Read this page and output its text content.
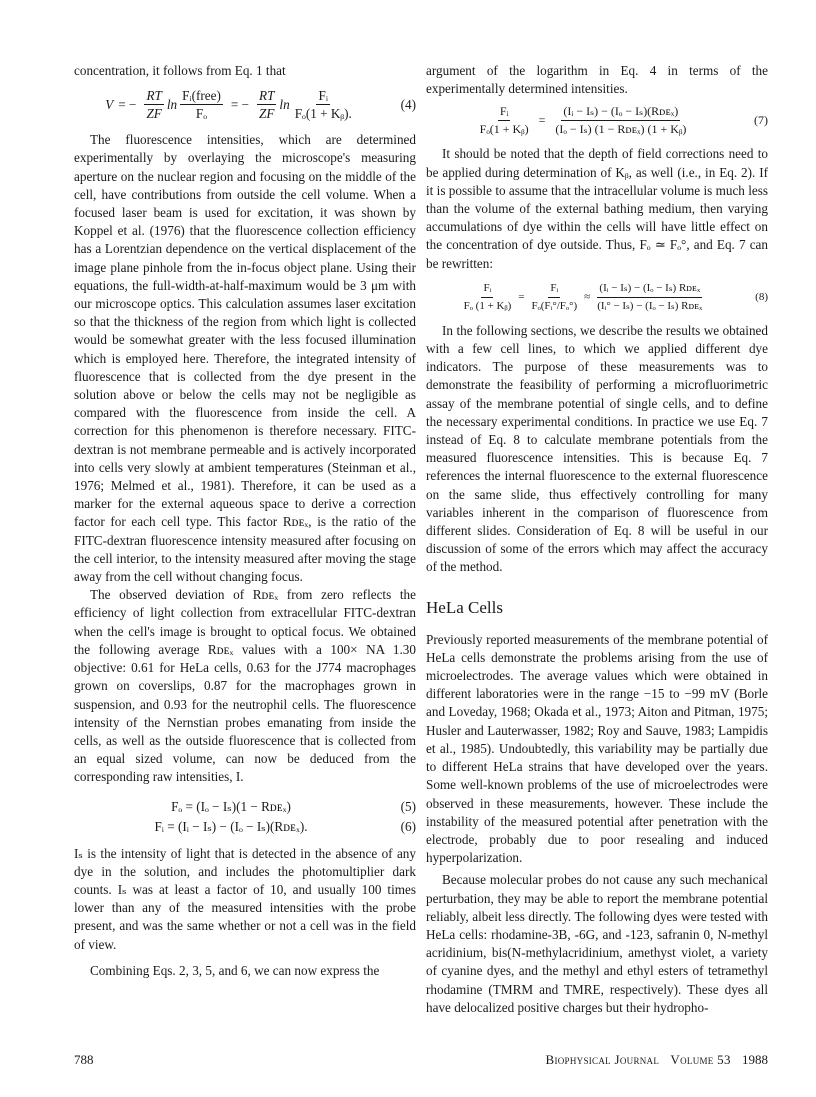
concentration, it follows from Eq. 1 that

V = − $\frac{RT}{ZF}$ $\ln \frac{\text{Fᵢ(free)}}{\text{Fₒ}}$ = − $\frac{RT}{ZF}$ $\ln \frac{\text{Fᵢ}}{\text{Fₒ(1 + Kᵦ).}}$	(4)

The fluorescence intensities, which are determined experimentally by overlaying the microscope's measuring aperture on the nuclear region and focusing on the middle of the cell, have contributions from outside the cell volume. When a focused laser beam is used for excitation, it was shown by Koppel et al. (1976) that the fluorescence collection efficiency has a Lorentzian dependence on the vertical displacement of the image plane pinhole from the in-focus object plane. Using their equations, the full-width-at-half-maximum would be 3 μm with our microscope optics. This calculation assumes laser excitation so that the thickness of the region from which light is collected would be somewhat greater with the less focused illumination which is employed here. Therefore, the integrated intensity of fluorescence that is collected from the dye present in the solution above or below the cells may not be negligible as compared with the fluorescence from inside the cell. A correction for this phenomenon is therefore necessary. FITC-dextran is not membrane permeable and is actively incorporated into cells very slowly at ambient temperatures (Steinman et al., 1976; Melmed et al., 1981). Therefore, it can be used as a marker for the external aqueous space to derive a correction factor for each cell type. This factor Rᴅᴇₓ, is the ratio of the FITC-dextran fluorescence intensity measured after focusing on the cell interior, to the intensity measured after moving the stage away from the cell without changing focus.

The observed deviation of Rᴅᴇₓ from zero reflects the efficiency of light collection from extracellular FITC-dextran when the cell's image is brought to optical focus. We obtained the following average Rᴅᴇₓ values with a 100× NA 1.30 objective: 0.61 for HeLa cells, 0.63 for the J774 macrophages grown on coverslips, 0.87 for the macrophages grown in suspension, and 0.93 for the neutrophil cells. The fluorescence intensity of the Nernstian probes emanating from inside the cells, as well as the outside fluorescence that is collected from an equal sized volume, can now be deduced from the corresponding raw intensities, I.

Fₒ = (Iₒ − Iₛ)(1 − Rᴅᴇₓ)	(5)
Fᵢ = (Iᵢ − Iₛ) − (Iₒ − Iₛ)(Rᴅᴇₓ).	(6)

Iₛ is the intensity of light that is detected in the absence of any dye in the solution, and includes the photomultiplier dark counts. Iₛ was at least a factor of 10, and usually 100 times lower than any of the measured intensities with the probe present, and was the same whether or not a cell was in the field of view.

Combining Eqs. 2, 3, 5, and 6, we can now express the

argument of the logarithm in Eq. 4 in terms of the experimentally determined intensities.

$\frac{\text{Fᵢ}}{\text{Fₒ(1 + Kᵦ)}} = \frac{\text{(Iᵢ − Iₛ) − (Iₒ − Iₛ)(Rᴅᴇₓ)}}{\text{(Iₒ − Iₛ) (1 − Rᴅᴇₓ) (1 + Kᵦ)}}$	(7)

It should be noted that the depth of field corrections need to be applied during determination of Kᵦ, as well (i.e., in Eq. 2). If it is possible to assume that the intracellular volume is much less than the volume of the external bathing medium, then varying accumulations of dye within the cells will have little effect on the concentration of dye outside. Thus, Fₒ ≃ Fₒ°, and Eq. 7 can be rewritten:

$\frac{\text{Fᵢ}}{\text{Fₒ (1 + Kᵦ)}} = \frac{\text{Fᵢ}}{\text{Fₒ(Fᵢ°/Fₒ°)}} \approx \frac{\text{(Iᵢ − Iₛ) − (Iₒ − Iₛ) Rᴅᴇₓ}}{\text{(Iᵢ° − Iₛ) − (Iₒ − Iₛ) Rᴅᴇₓ}}$	(8)

In the following sections, we describe the results we obtained with a few cell lines, to which we applied different dye indicators. The purpose of these measurements was to demonstrate the feasibility of performing a microfluorimetric assay of the membrane potential of single cells, and to define the necessary experimental conditions. In practice we use Eq. 7 instead of Eq. 8 to calculate membrane potentials from the measured fluorescence intensities. This is because Eq. 7 references the internal fluorescence to the external fluorescence on the same slide, thus effectively controlling for many variables inherent in the comparison of fluorescence from different slides. Consideration of Eq. 8 will be useful in our discussion of some of the errors which may affect the accuracy of the method.

HeLa Cells

Previously reported measurements of the membrane potential of HeLa cells demonstrate the problems arising from the use of microelectrodes. The average values which were obtained in different laboratories were in the range −15 to −99 mV (Borle and Loveday, 1968; Okada et al., 1973; Aiton and Pitman, 1975; Husler and Lauterwasser, 1982; Roy and Sauve, 1983; Lampidis et al., 1985). Undoubtedly, this variability may be partially due to different HeLa strains that have developed over the years. Some well-known problems of the use of microelectrodes were observed in these measurements, however. These include the instability of the measured potential after penetration with the electrode, probably due to poor resealing and induced hyperpolarization.

Because molecular probes do not cause any such mechanical perturbation, they may be able to report the membrane potential reliably, albeit less directly. The following dyes were tested with HeLa cells: rhodamine-3B, -6G, and -123, safranin 0, N-methyl acridinium, bis(N-methylacridinium, amethyst violet, a variety of cyanine dyes, and the methyl and ethyl esters of tetramethyl rhodamine (TMRM and TMRE, respectively). These dyes all have delocalized positive charges but their hydropho-

788	Biophysical Journal Volume 53 1988
